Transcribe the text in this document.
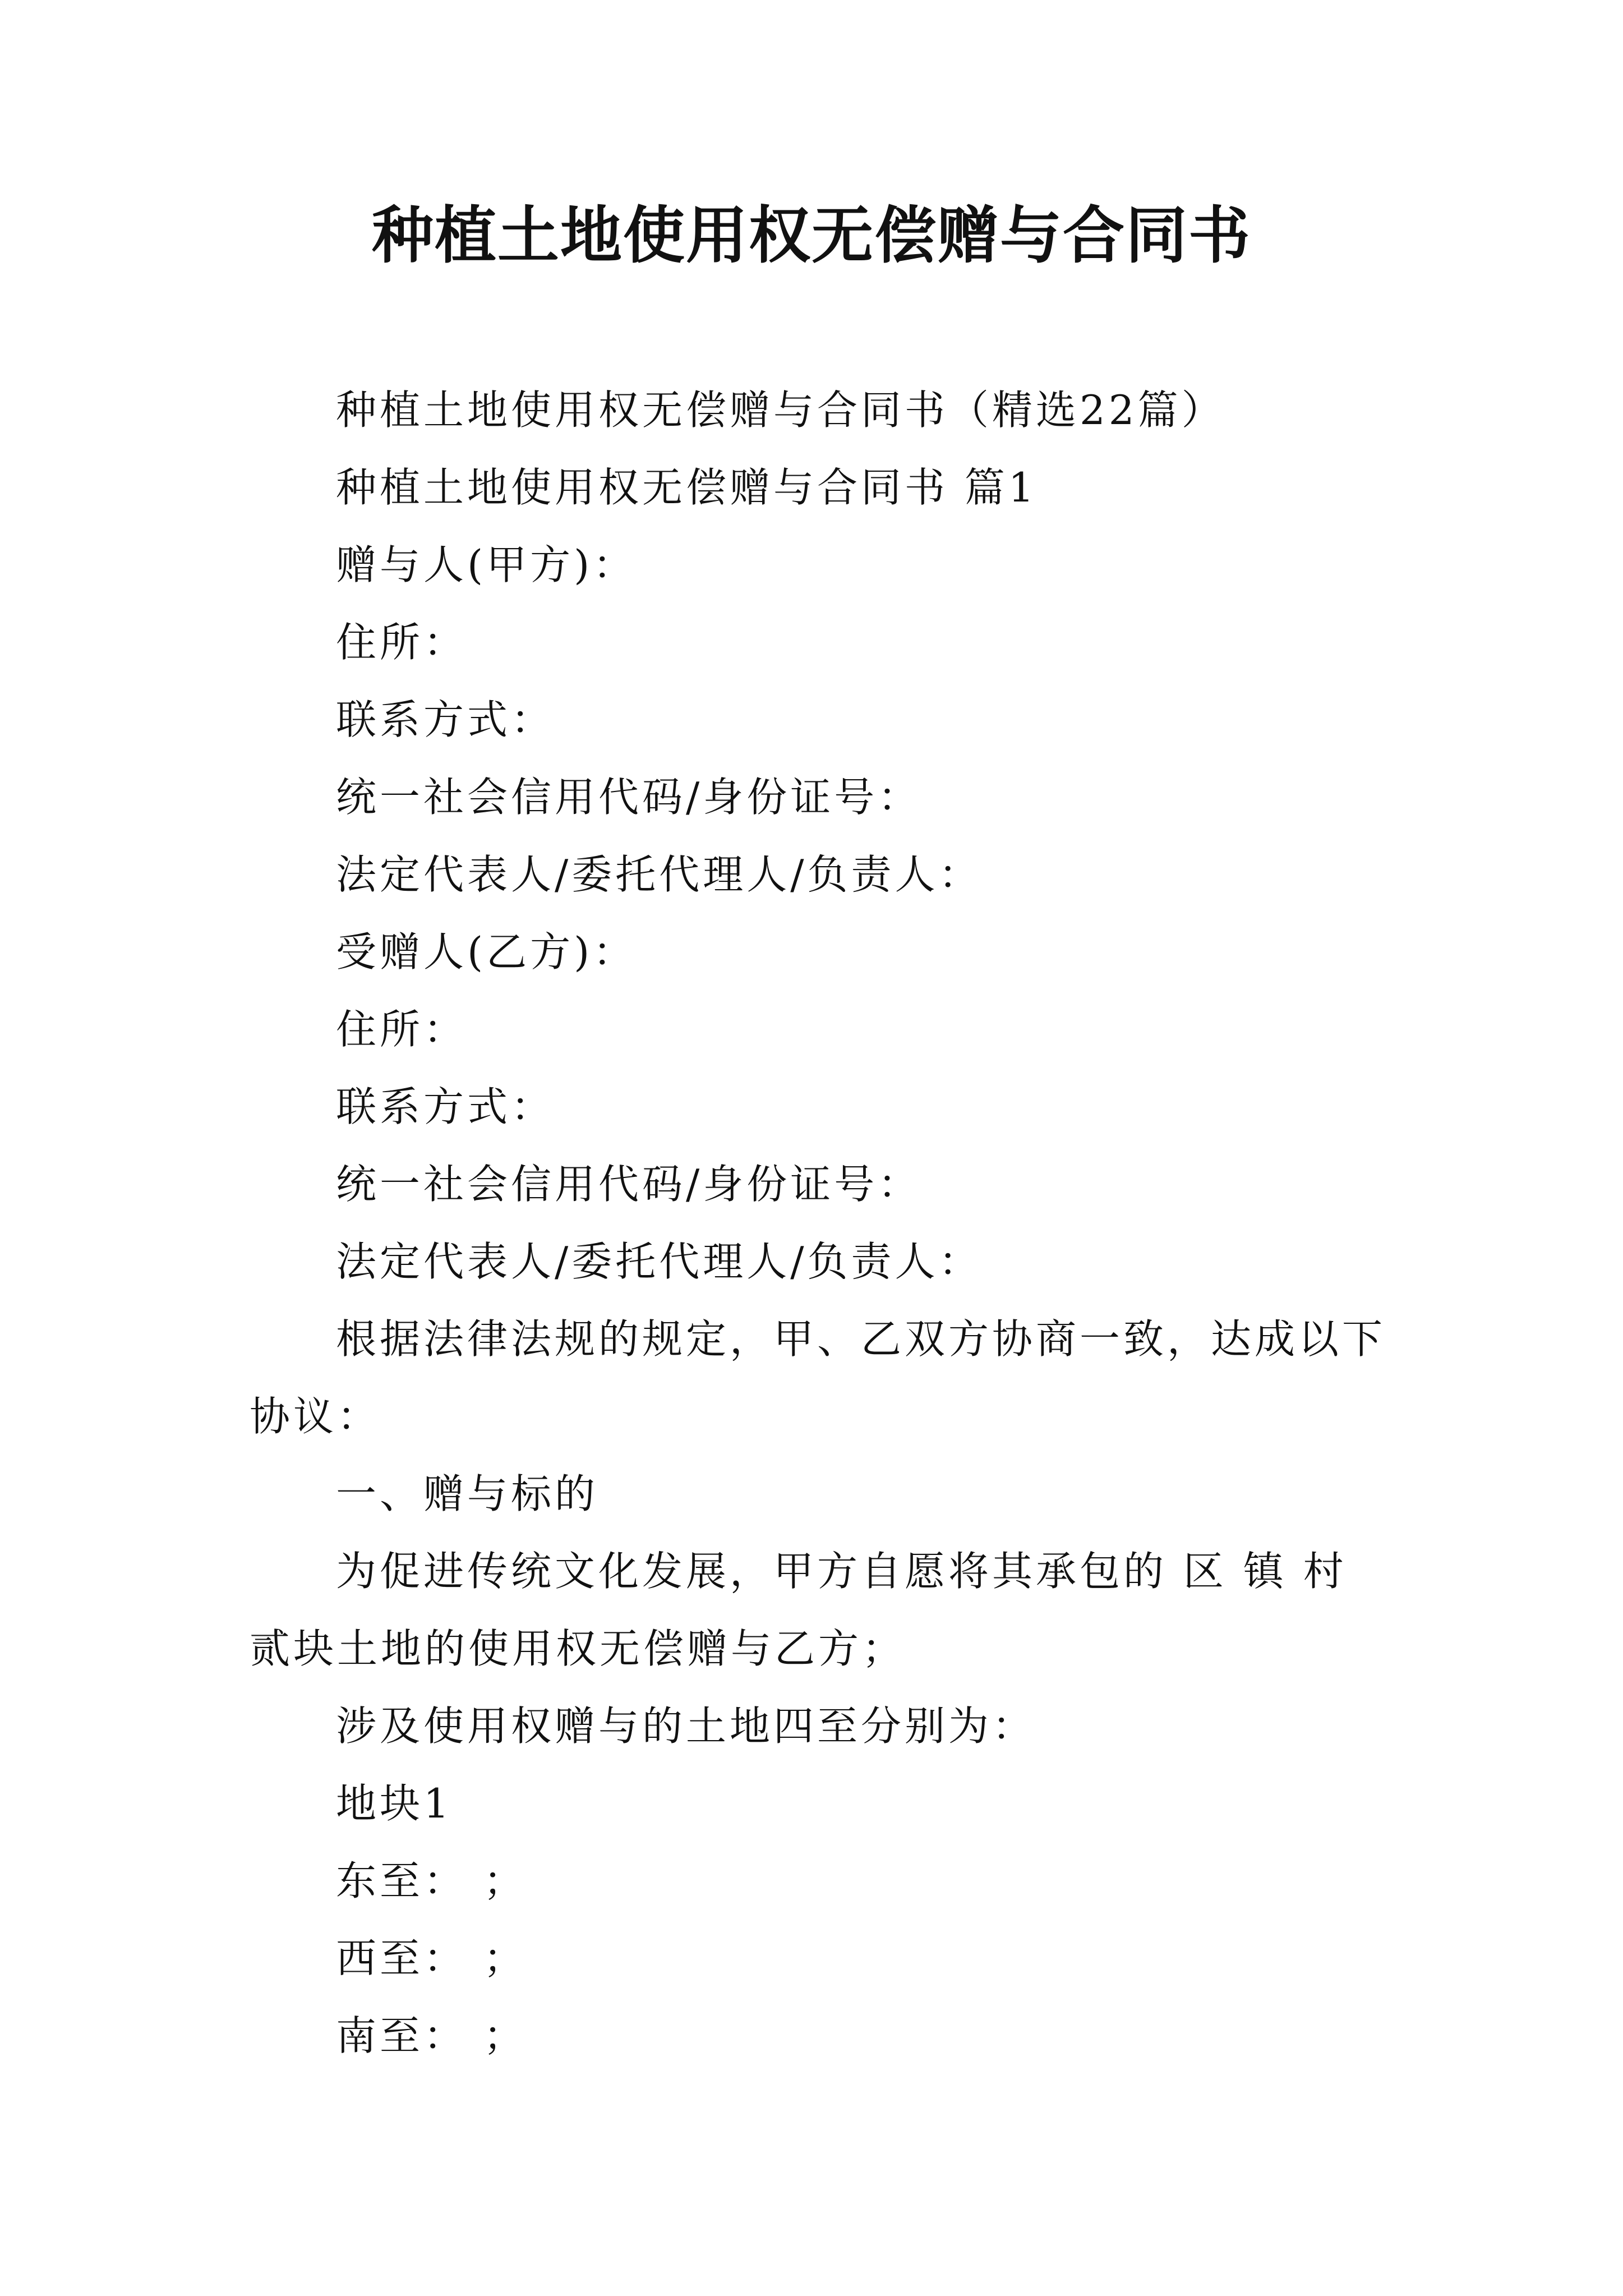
种植土地使用权无偿赠与合同书

种植土地使用权无偿赠与合同书（精选22篇）

种植土地使用权无偿赠与合同书 篇1

赠与人(甲方)：

住所：

联系方式：

统一社会信用代码/身份证号：

法定代表人/委托代理人/负责人：

受赠人(乙方)：

住所：

联系方式：

统一社会信用代码/身份证号：

法定代表人/委托代理人/负责人：

根据法律法规的规定，甲、乙双方协商一致，达成以下协议：

一、赠与标的

为促进传统文化发展，甲方自愿将其承包的 区 镇 村 贰块土地的使用权无偿赠与乙方；

涉及使用权赠与的土地四至分别为：

地块1

东至： ；

西至： ；

南至： ；
